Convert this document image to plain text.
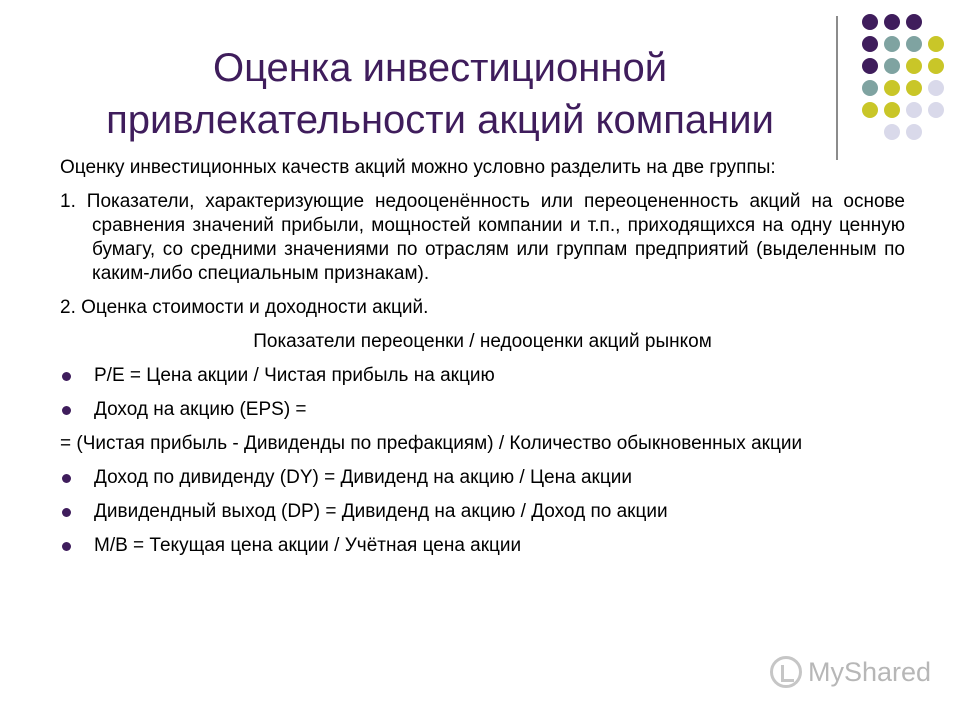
Оценка инвестиционной
привлекательности акций компании

Оценку инвестиционных качеств акций можно условно разделить на две группы:

1. Показатели, характеризующие недооценённость или переоцененность акций на основе сравнения значений прибыли, мощностей компании и т.п., приходящихся на одну ценную бумагу, со средними значениями по отраслям или группам предприятий (выделенным по каким-либо специальным признакам).

2. Оценка стоимости и доходности акций.

Показатели переоценки / недооценки акций рынком

P/E = Цена акции / Чистая прибыль на акцию

Доход на акцию (EPS) =

= (Чистая прибыль - Дивиденды по префакциям) / Количество обыкновенных акции

Доход по дивиденду (DY) = Дивиденд на акцию / Цена акции

Дивидендный выход (DP) = Дивиденд на акцию / Доход по акции

M/B = Текущая цена акции / Учётная цена акции

MyShared
